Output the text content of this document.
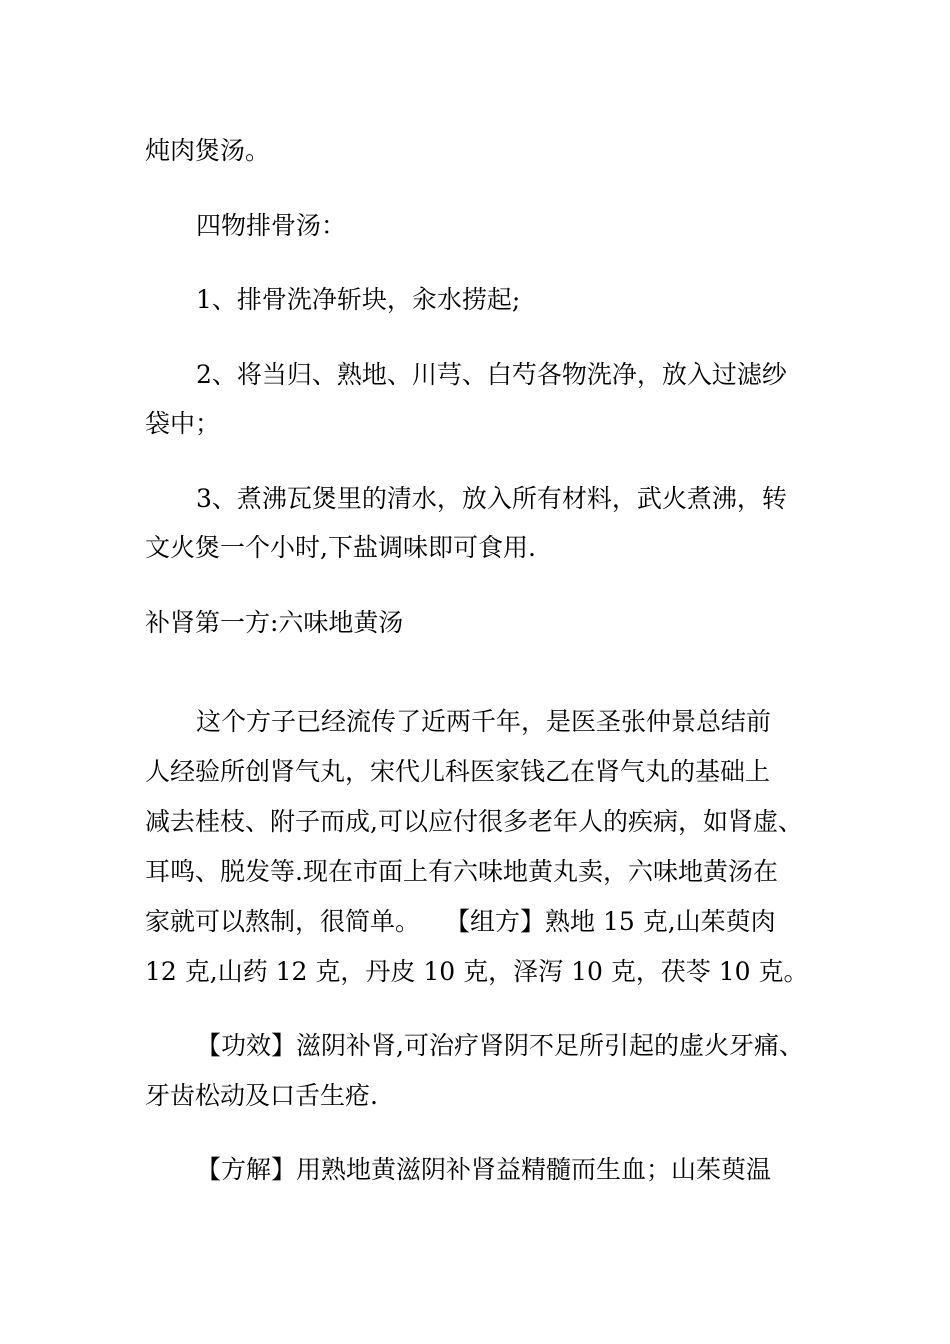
炖肉煲汤。
四物排骨汤：
1、排骨洗净斩块，汆水捞起;
2、将当归、熟地、川芎、白芍各物洗净，放入过滤纱
袋中；
3、煮沸瓦煲里的清水，放入所有材料，武火煮沸，转
文火煲一个小时,下盐调味即可食用.
补肾第一方:六味地黄汤
这个方子已经流传了近两千年，是医圣张仲景总结前
人经验所创肾气丸，宋代儿科医家钱乙在肾气丸的基础上
减去桂枝、附子而成,可以应付很多老年人的疾病，如肾虚、
耳鸣、脱发等.现在市面上有六味地黄丸卖，六味地黄汤在
家就可以熬制，很简单。　　【组方】熟地 15 克,山茱萸肉
12 克,山药 12 克，丹皮 10 克，泽泻 10 克，茯苓 10 克。
【功效】滋阴补肾,可治疗肾阴不足所引起的虚火牙痛、
牙齿松动及口舌生疮.
【方解】用熟地黄滋阴补肾益精髓而生血；山茱萸温
